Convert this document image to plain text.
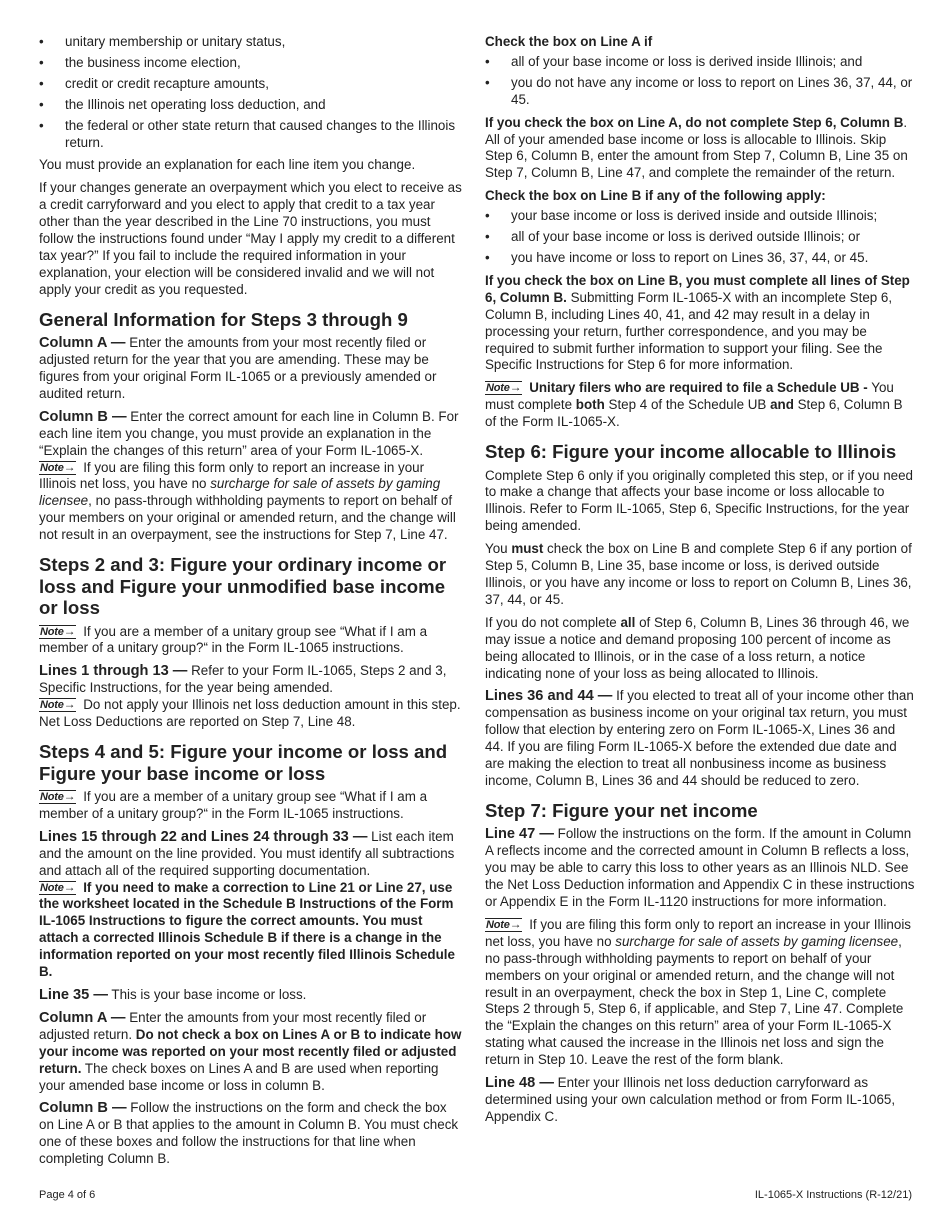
• unitary membership or unitary status,
• the business income election,
• credit or credit recapture amounts,
• the Illinois net operating loss deduction, and
• the federal or other state return that caused changes to the Illinois return.

You must provide an explanation for each line item you change.

If your changes generate an overpayment which you elect to receive as a credit carryforward and you elect to apply that credit to a tax year other than the year described in the Line 70 instructions, you must follow the instructions found under “May I apply my credit to a different tax year?” If you fail to include the required information in your explanation, your election will be considered invalid and we will not apply your credit as you requested.

General Information for Steps 3 through 9

Column A — Enter the amounts from your most recently filed or adjusted return for the year that you are amending. These may be figures from your original Form IL-1065 or a previously amended or audited return.

Column B — Enter the correct amount for each line in Column B. For each line item you change, you must provide an explanation in the “Explain the changes of this return” area of your Form IL-1065-X.
Note→ If you are filing this form only to report an increase in your Illinois net loss, you have no surcharge for sale of assets by gaming licensee, no pass-through withholding payments to report on behalf of your members on your original or amended return, and the change will not result in an overpayment, see the instructions for Step 7, Line 47.

Steps 2 and 3: Figure your ordinary income or loss and Figure your unmodified base income or loss

Note→ If you are a member of a unitary group see “What if I am a member of a unitary group?“ in the Form IL-1065 instructions.

Lines 1 through 13 — Refer to your Form IL-1065, Steps 2 and 3, Specific Instructions, for the year being amended.
Note→ Do not apply your Illinois net loss deduction amount in this step. Net Loss Deductions are reported on Step 7, Line 48.

Steps 4 and 5: Figure your income or loss and Figure your base income or loss

Note→ If you are a member of a unitary group see “What if I am a member of a unitary group?“ in the Form IL-1065 instructions.

Lines 15 through 22 and Lines 24 through 33 — List each item and the amount on the line provided. You must identify all subtractions and attach all of the required supporting documentation.
Note→ If you need to make a correction to Line 21 or Line 27, use the worksheet located in the Schedule B Instructions of the Form IL-1065 Instructions to figure the correct amounts. You must attach a corrected Illinois Schedule B if there is a change in the information reported on your most recently filed Illinois Schedule B.

Line 35 — This is your base income or loss.

Column A — Enter the amounts from your most recently filed or adjusted return. Do not check a box on Lines A or B to indicate how your income was reported on your most recently filed or adjusted return. The check boxes on Lines A and B are used when reporting your amended base income or loss in column B.

Column B — Follow the instructions on the form and check the box on Line A or B that applies to the amount in Column B. You must check one of these boxes and follow the instructions for that line when completing Column B.

Check the box on Line A if

• all of your base income or loss is derived inside Illinois; and
• you do not have any income or loss to report on Lines 36, 37, 44, or 45.

If you check the box on Line A, do not complete Step 6, Column B. All of your amended base income or loss is allocable to Illinois. Skip Step 6, Column B, enter the amount from Step 7, Column B, Line 35 on Step 7, Column B, Line 47, and complete the remainder of the return.

Check the box on Line B if any of the following apply:

• your base income or loss is derived inside and outside Illinois;
• all of your base income or loss is derived outside Illinois; or
• you have income or loss to report on Lines 36, 37, 44, or 45.

If you check the box on Line B, you must complete all lines of Step 6, Column B. Submitting Form IL-1065-X with an incomplete Step 6, Column B, including Lines 40, 41, and 42 may result in a delay in processing your return, further correspondence, and you may be required to submit further information to support your filing. See the Specific Instructions for Step 6 for more information.

Note→ Unitary filers who are required to file a Schedule UB - You must complete both Step 4 of the Schedule UB and Step 6, Column B of the Form IL-1065-X.

Step 6: Figure your income allocable to Illinois

Complete Step 6 only if you originally completed this step, or if you need to make a change that affects your base income or loss allocable to Illinois. Refer to Form IL-1065, Step 6, Specific Instructions, for the year being amended.

You must check the box on Line B and complete Step 6 if any portion of Step 5, Column B, Line 35, base income or loss, is derived outside Illinois, or you have any income or loss to report on Column B, Lines 36, 37, 44, or 45.

If you do not complete all of Step 6, Column B, Lines 36 through 46, we may issue a notice and demand proposing 100 percent of income as being allocated to Illinois, or in the case of a loss return, a notice indicating none of your loss as being allocated to Illinois.

Lines 36 and 44 — If you elected to treat all of your income other than compensation as business income on your original tax return, you must follow that election by entering zero on Form IL-1065-X, Lines 36 and 44. If you are filing Form IL-1065-X before the extended due date and are making the election to treat all nonbusiness income as business income, Column B, Lines 36 and 44 should be reduced to zero.

Step 7: Figure your net income

Line 47 — Follow the instructions on the form. If the amount in Column A reflects income and the corrected amount in Column B reflects a loss, you may be able to carry this loss to other years as an Illinois NLD. See the Net Loss Deduction information and Appendix C in these instructions or Appendix E in the Form IL-1120 instructions for more information.

Note→ If you are filing this form only to report an increase in your Illinois net loss, you have no surcharge for sale of assets by gaming licensee, no pass-through withholding payments to report on behalf of your members on your original or amended return, and the change will not result in an overpayment, check the box in Step 1, Line C, complete Steps 2 through 5, Step 6, if applicable, and Step 7, Line 47. Complete the “Explain the changes on this return” area of your Form IL-1065-X stating what caused the increase in the Illinois net loss and sign the return in Step 10. Leave the rest of the form blank.

Line 48 — Enter your Illinois net loss deduction carryforward as determined using your own calculation method or from Form IL-1065, Appendix C.

Page 4 of 6	IL-1065-X Instructions (R-12/21)
